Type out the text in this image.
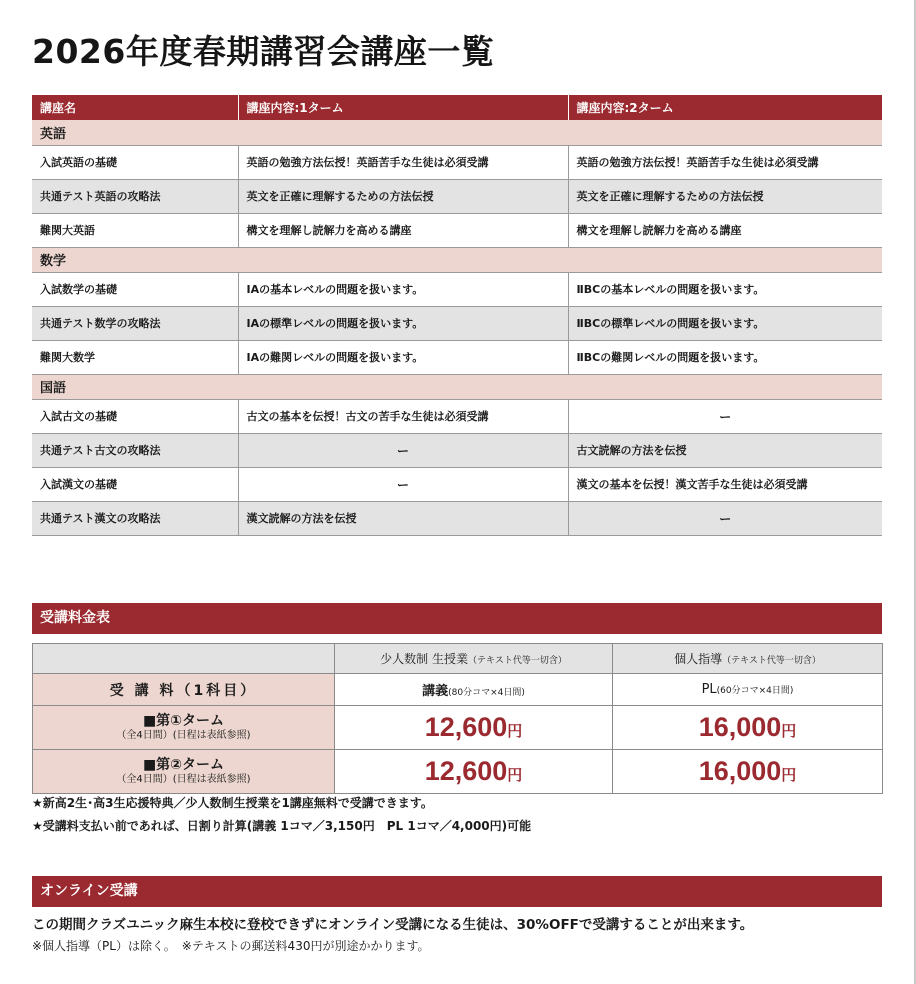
2026年度春期講習会講座一覧
講座名	講座内容:1ターム	講座内容:2ターム
英語		
入試英語の基礎	英語の勉強方法伝授！英語苦手な生徒は必須受講	英語の勉強方法伝授！英語苦手な生徒は必須受講
共通テスト英語の攻略法	英文を正確に理解するための方法伝授	英文を正確に理解するための方法伝授
難関大英語	構文を理解し読解力を高める講座	構文を理解し読解力を高める講座
数学		
入試数学の基礎	IAの基本レベルの問題を扱います。	ⅡBCの基本レベルの問題を扱います。
共通テスト数学の攻略法	IAの標準レベルの問題を扱います。	ⅡBCの標準レベルの問題を扱います。
難関大数学	IAの難関レベルの問題を扱います。	ⅡBCの難関レベルの問題を扱います。
国語		
入試古文の基礎	古文の基本を伝授！古文の苦手な生徒は必須受講	ー
共通テスト古文の攻略法	ー	古文読解の方法を伝授
入試漢文の基礎	ー	漢文の基本を伝授！漢文苦手な生徒は必須受講
共通テスト漢文の攻略法	漢文読解の方法を伝授	ー
受講料金表
	少人数制 生授業（テキスト代等一切含）	個人指導（テキスト代等一切含）
受 講 料（1科目）	講義(80分コマ×4日間)	PL(60分コマ×4日間)

■第①ターム
（全4日間）(日程は表紙参照)	12,600円	16,000円

■第②ターム
（全4日間）(日程は表紙参照)	12,600円	16,000円
★新高2生･高3生応援特典／少人数制生授業を1講座無料で受講できます。
★受講料支払い前であれば、日割り計算(講義 1コマ／3,150円　PL 1コマ／4,000円)可能
オンライン受講
この期間クラズユニック麻生本校に登校できずにオンライン受講になる生徒は、30%OFFで受講することが出来ます。
※個人指導（PL）は除く。　※テキストの郵送料430円が別途かかります。
